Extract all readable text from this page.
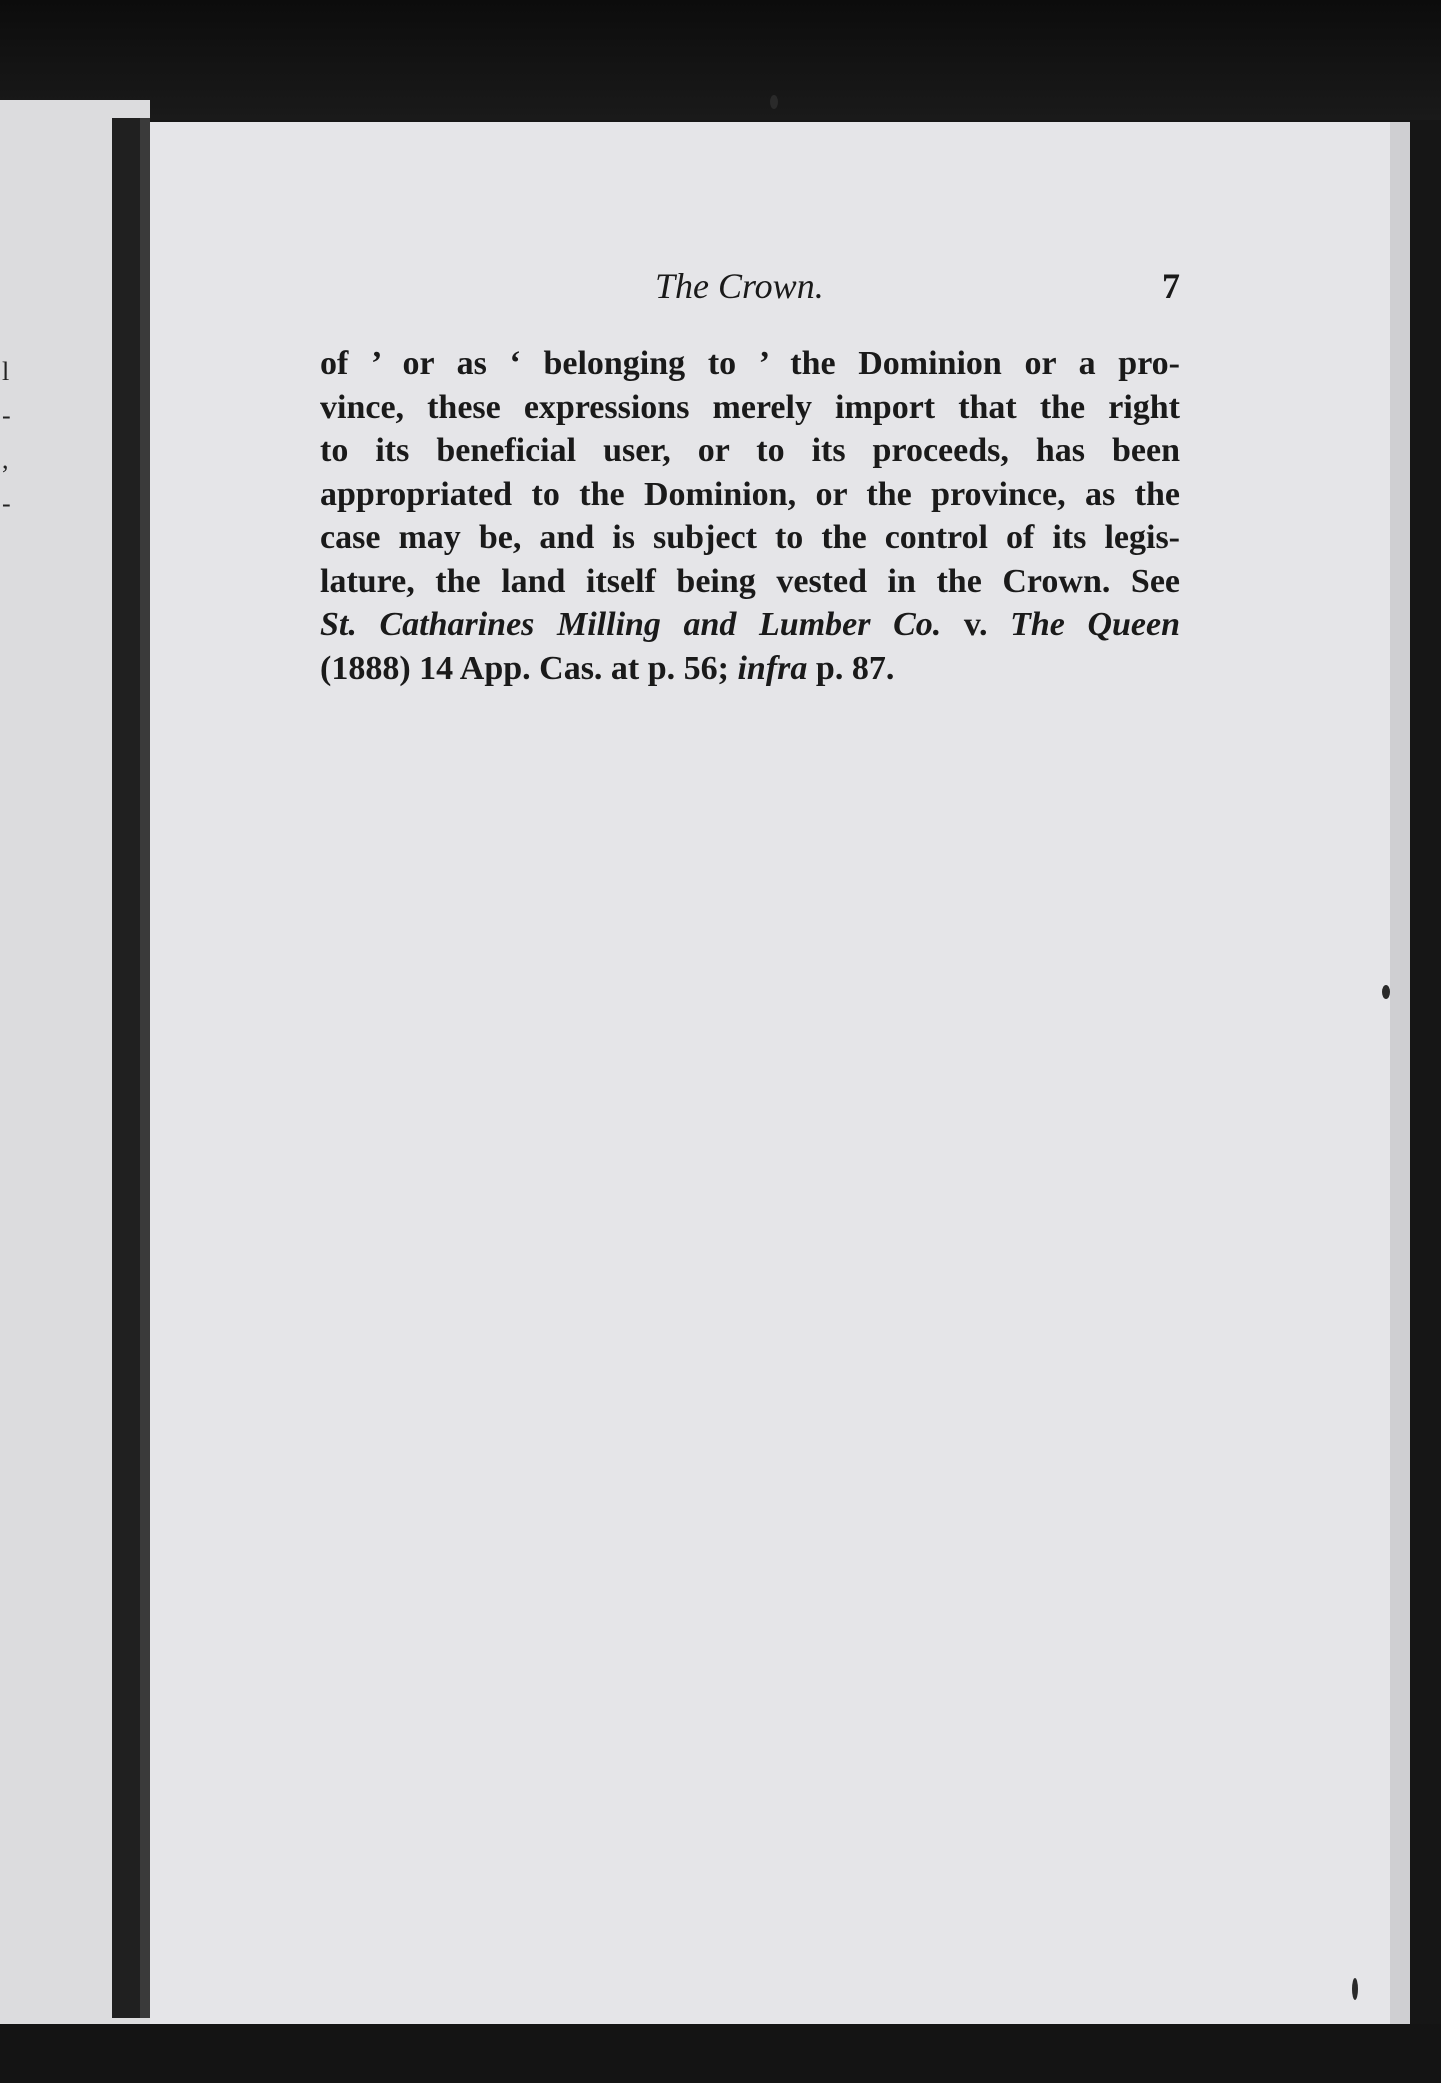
l
-
,
-
The Crown.	7
of ’ or as ‘ belonging to ’ the Dominion or a pro-
vince, these expressions merely import that the right
to its beneficial user, or to its proceeds, has been
appropriated to the Dominion, or the province, as the
case may be, and is subject to the control of its legis-
lature, the land itself being vested in the Crown. See
St. Catharines Milling and Lumber Co. v. The Queen
(1888) 14 App. Cas. at p. 56; infra p. 87.
